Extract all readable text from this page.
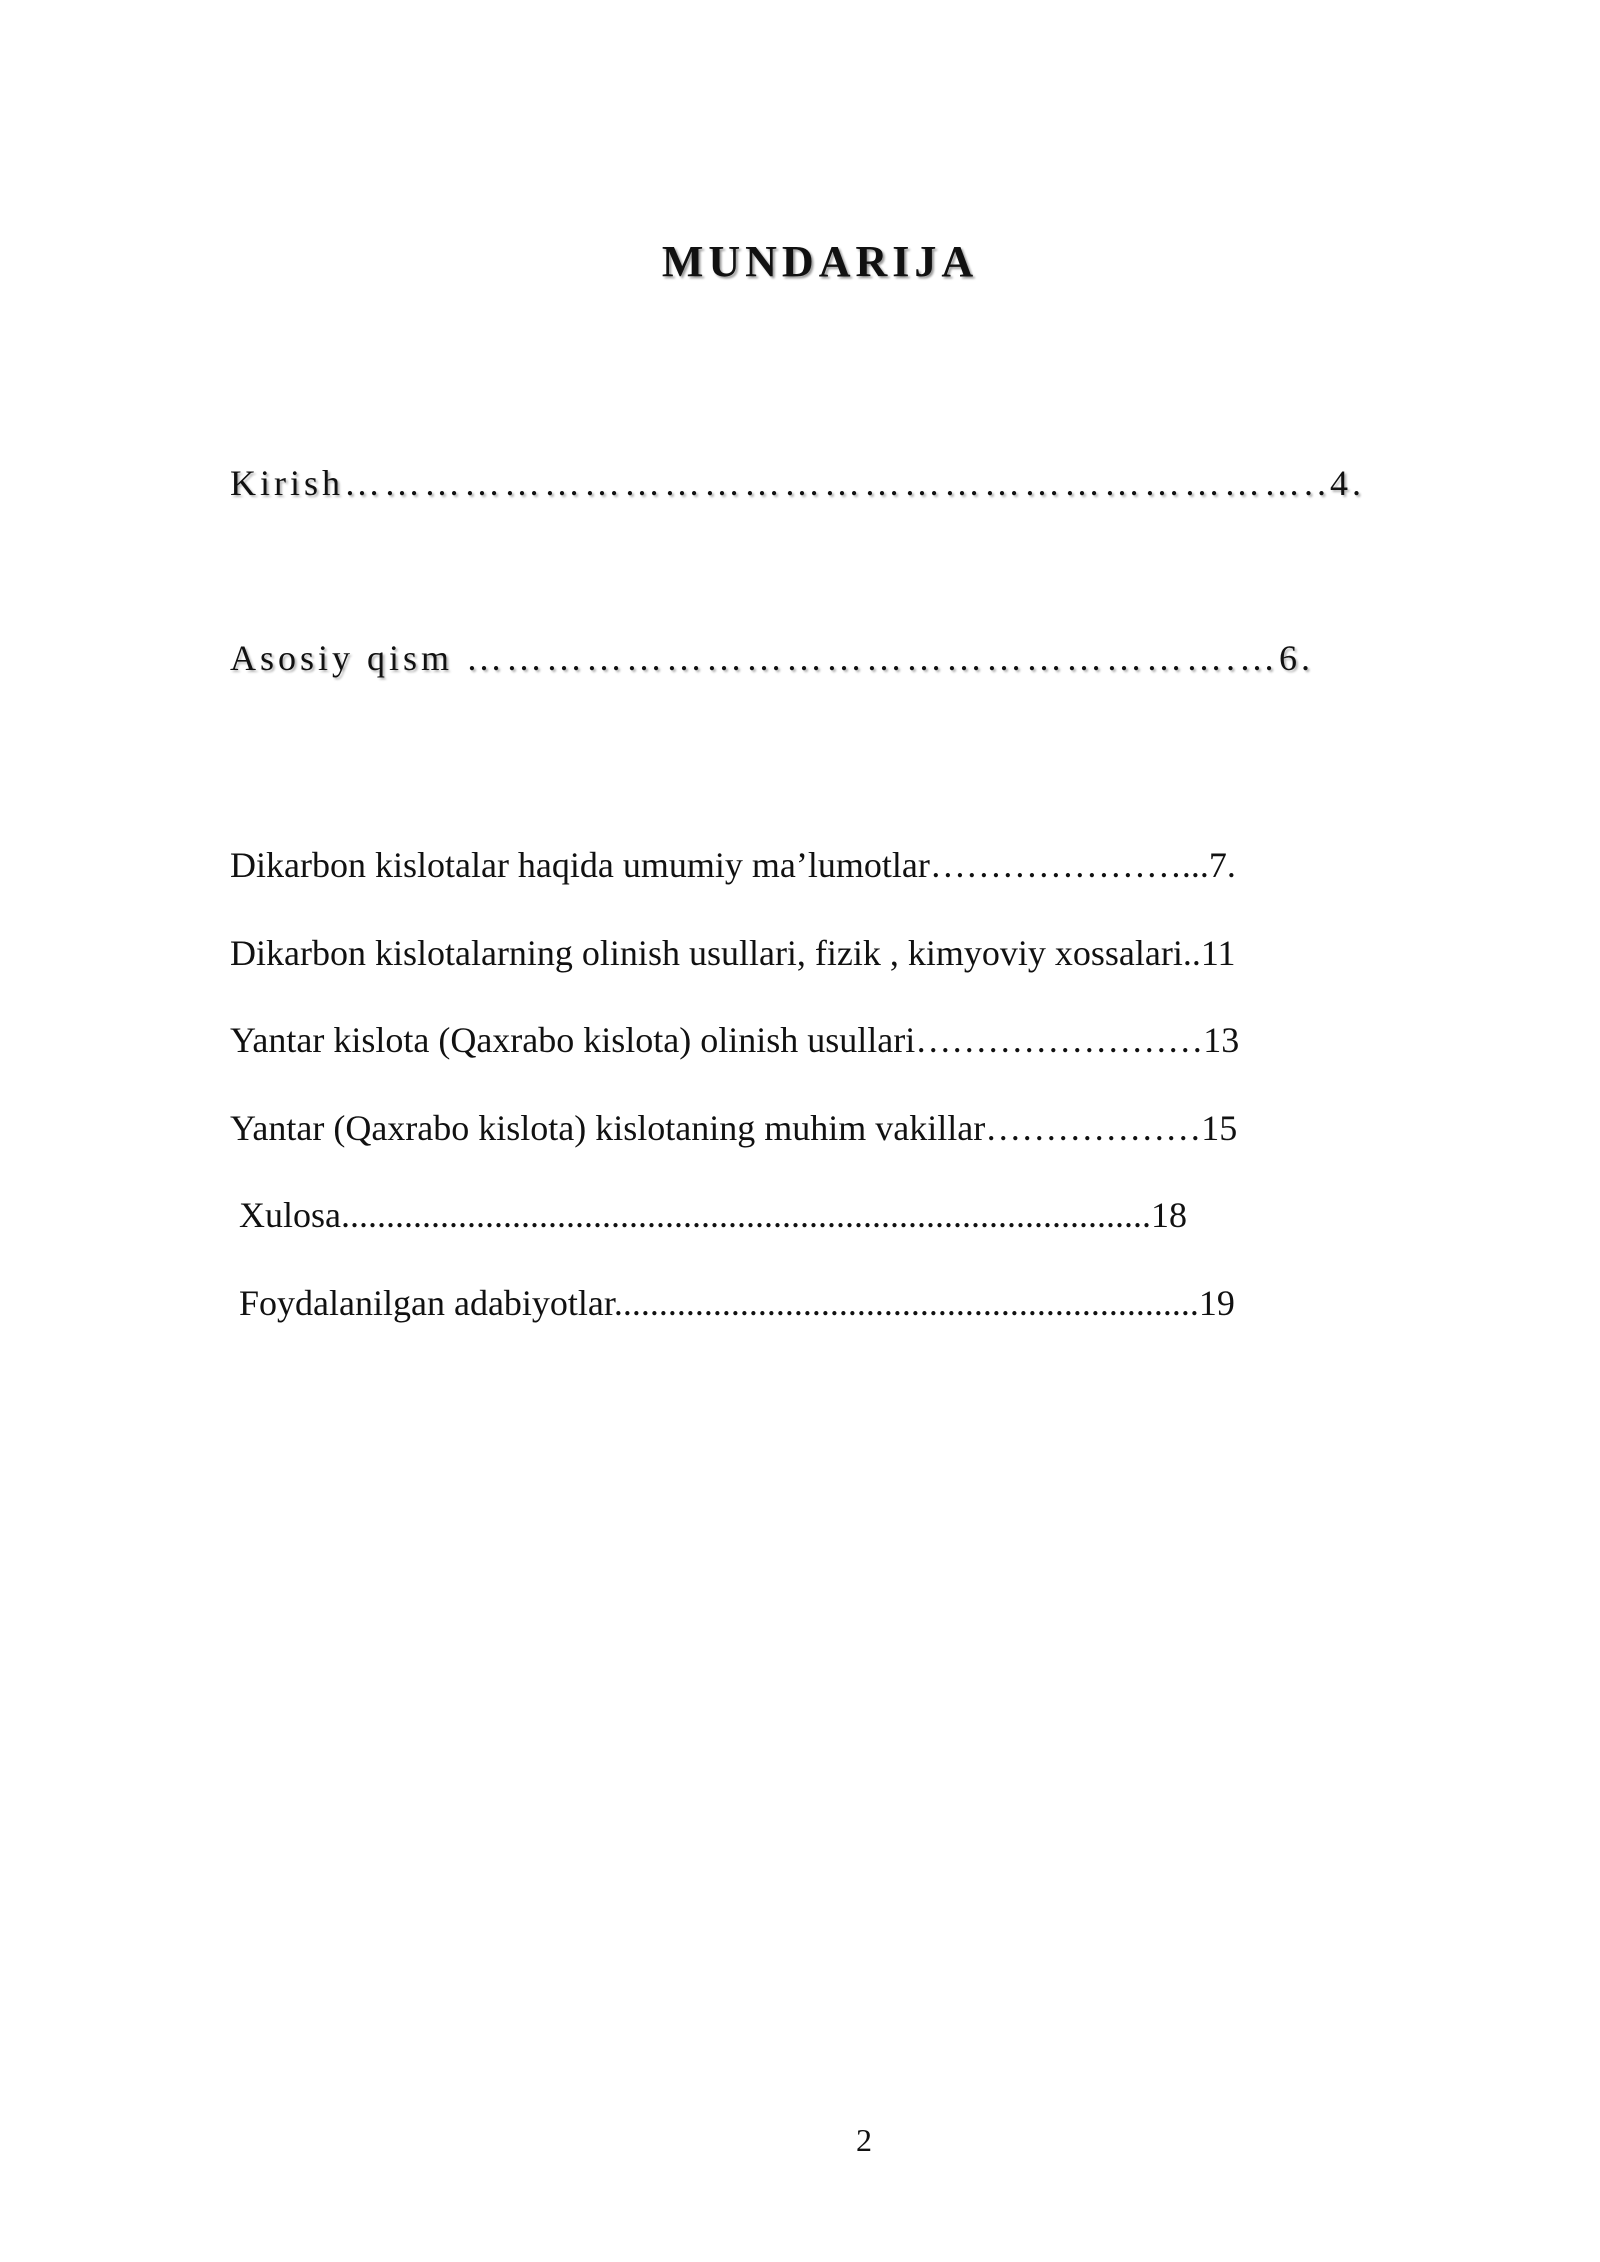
MUNDARIJA
Kirish………………………………………………………………..4.
Asosiy qism ………………………………………………….…6.
Dikarbon kislotalar haqida umumiy ma’lumotlar…………………...7.
Dikarbon kislotalarning olinish usullari, fizik , kimyoviy xossalari..11
Yantar kislota (Qaxrabo kislota) olinish usullari……………………13
Yantar (Qaxrabo kislota) kislotaning muhim vakillar………………15
Xulosa..........................................................................................18
Foydalanilgan adabiyotlar.................................................................19
2
